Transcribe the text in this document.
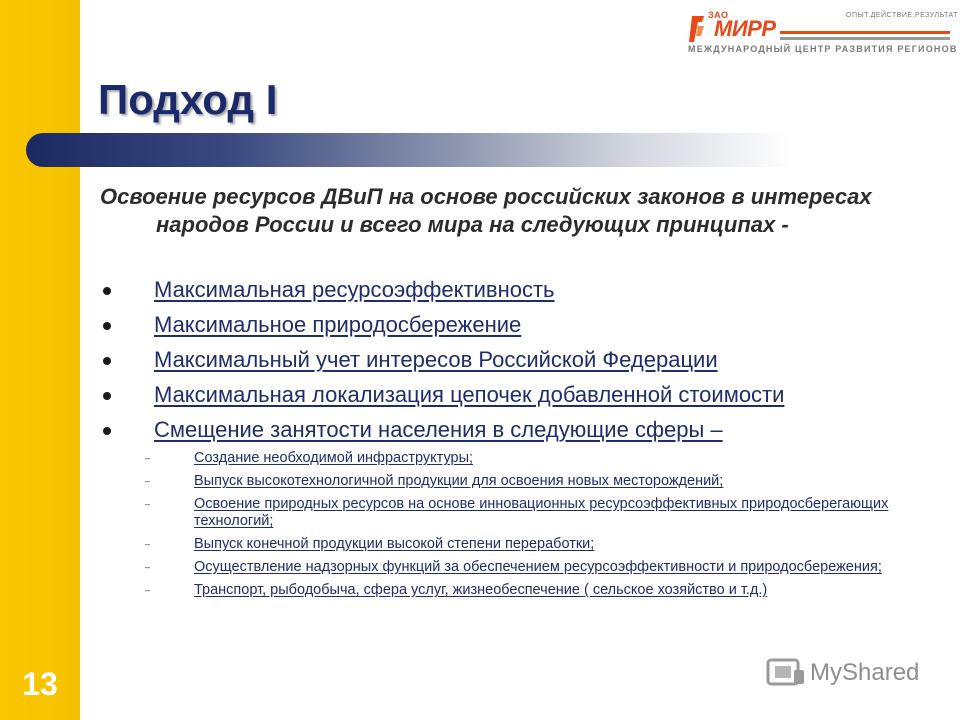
13
ЗАО
МИРР
ОПЫТ.ДЕЙСТВИЕ.РЕЗУЛЬТАТ
МЕЖДУНАРОДНЫЙ ЦЕНТР РАЗВИТИЯ РЕГИОНОВ
Подход I

Освоение ресурсов ДВиП на основе российских законов в интересах народов России и всего мира на следующих принципах -

Максимальная ресурсоэффективность
Максимальное природосбережение
Максимальный учет интересов Российской Федерации
Максимальная локализация цепочек добавленной стоимости
Смещение занятости населения в следующие сферы –
–	Создание необходимой инфраструктуры;
–	Выпуск высокотехнологичной продукции для освоения новых месторождений;
–	Освоение природных ресурсов на основе инновационных ресурсоэффективных природосберегающих технологий;
–	Выпуск конечной продукции высокой степени переработки;
–	Осуществление надзорных функций за обеспечением ресурсоэффективности и природосбережения;
–	Транспорт, рыбодобыча, сфера услуг, жизнеобеспечение ( сельское хозяйство и т.д.)
MyShared
